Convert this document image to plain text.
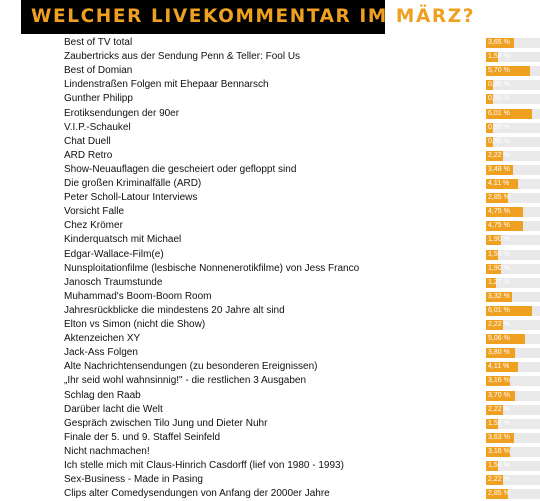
WELCHER LIVEKOMMENTAR IM MÄRZ?
Best of TV total	3,65 %
Zaubertricks aus der Sendung Penn & Teller: Fool Us	1,58 %
Best of Domian	5,70 %
Lindenstraßen Folgen mit Ehepaar Bennarsch	0,95 %
Gunther Philipp	0,95 %
Erotiksendungen der 90er	6,01 %
V.I.P.-Schaukel	0,95 %
Chat Duell	0,95 %
ARD Retro	2,22 %
Show-Neuauflagen die gescheiert oder gefloppt sind	3,48 %
Die großen Kriminalfälle (ARD)	4,11 %
Peter Scholl-Latour Interviews	2,85 %
Vorsicht Falle	4,75 %
Chez Krömer	4,75 %
Kinderquatsch mit Michael	1,90 %
Edgar-Wallace-Film(e)	1,58 %
Nunsploitationfilme (lesbische Nonnenerotikfilme) von Jess Franco	1,90 %
Janosch Traumstunde	1,27 %
Muhammad's Boom-Boom Room	3,32 %
Jahresrückblicke die mindestens 20 Jahre alt sind	6,01 %
Elton vs Simon (nicht die Show)	2,22 %
Aktenzeichen XY	5,06 %
Jack-Ass Folgen	3,80 %
Alte Nachrichtensendungen (zu besonderen Ereignissen)	4,11 %
„Ihr seid wohl wahnsinnig!" - die restlichen 3 Ausgaben	3,16 %
Schlag den Raab	3,70 %
Darüber lacht die Welt	2,22 %
Gespräch zwischen Tilo Jung und Dieter Nuhr	1,58 %
Finale der 5. und 9. Staffel Seinfeld	3,63 %
Nicht nachmachen!	3,16 %
Ich stelle mich mit Claus-Hinrich Casdorff (lief von 1980 - 1993)	1,58 %
Sex-Business - Made in Pasing	2,22 %
Clips alter Comedysendungen von Anfang der 2000er Jahre	2,85 %
